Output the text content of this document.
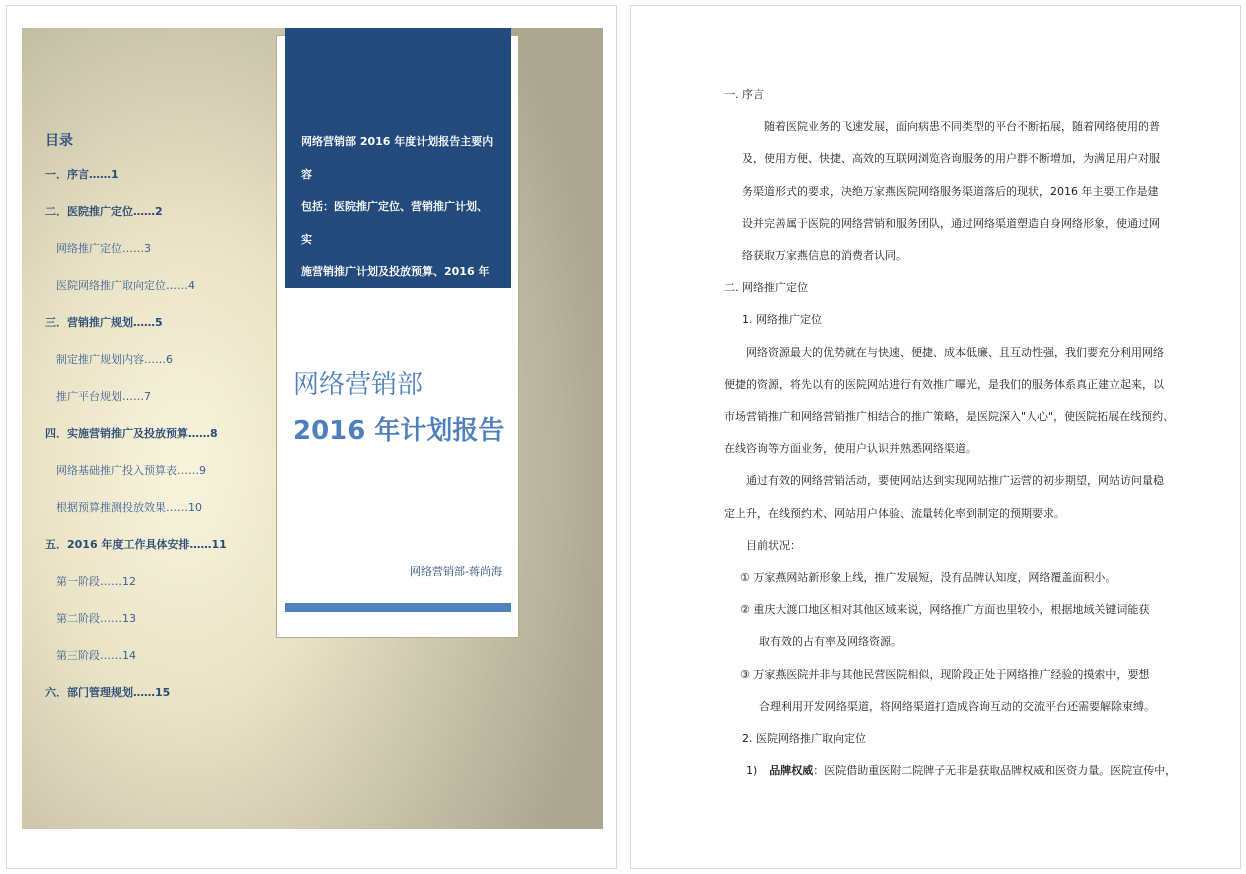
目录
一．序言……1
二．医院推广定位……2
网络推广定位……3
医院网络推广取向定位……4
三．营销推广规划……5
制定推广规划内容……6
推广平台规划……7
四．实施营销推广及投放预算……8
网络基础推广投入预算表……9
根据预算推测投放效果……10
五．2016 年度工作具体安排……11
第一阶段……12
第二阶段……13
第三阶段……14
六．部门管理规划……15
网络营销部 2016 年度计划报告主要内容
包括：医院推广定位、营销推广计划、实
施营销推广计划及投放预算、2016 年度
工作具体安排、部门管理规划。
网络营销部
2016 年计划报告
网络营销部-蒋尚海
一. 序言
随着医院业务的飞速发展，面向病患不同类型的平台不断拓展，随着网络使用的普
及，使用方便、快捷、高效的互联网浏览咨询服务的用户群不断增加，为满足用户对服
务渠道形式的要求，决绝万家燕医院网络服务渠道落后的现状，2016 年主要工作是建
设并完善属于医院的网络营销和服务团队，通过网络渠道塑造自身网络形象，使通过网
络获取万家燕信息的消费者认同。
二. 网络推广定位
1. 网络推广定位
网络资源最大的优势就在与快速、便捷、成本低廉、且互动性强，我们要充分利用网络
便捷的资源，将先以有的医院网站进行有效推广曝光，是我们的服务体系真正建立起来，以
市场营销推广和网络营销推广相结合的推广策略，是医院深入"人心"，使医院拓展在线预约、
在线咨询等方面业务，使用户认识并熟悉网络渠道。
通过有效的网络营销活动，要使网站达到实现网站推广运营的初步期望，网站访问量稳
定上升，在线预约术、网站用户体验、流量转化率到制定的预期要求。
目前状况：
① 万家燕网站新形象上线，推广发展短，没有品牌认知度，网络覆盖面积小。
② 重庆大渡口地区相对其他区域来说，网络推广方面也里较小，根据地域关键词能获
取有效的占有率及网络资源。
③ 万家燕医院并非与其他民营医院相似，现阶段正处于网络推广经验的摸索中，要想
合理利用开发网络渠道，将网络渠道打造成咨询互动的交流平台还需要解除束缚。
2. 医院网络推广取向定位
1) 品牌权威：医院借助重医附二院牌子无非是获取品牌权威和医资力量。医院宣传中，
